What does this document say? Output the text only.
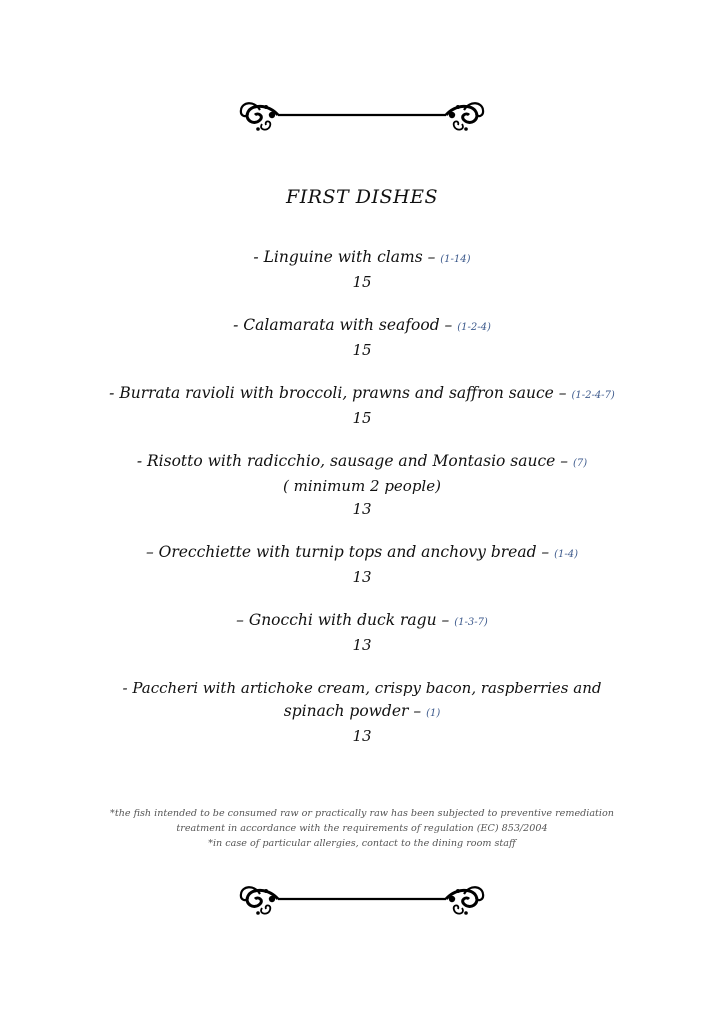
FIRST DISHES
- Linguine with clams – (1-14)
15
- Calamarata with seafood – (1-2-4)
15
- Burrata ravioli with broccoli, prawns and saffron sauce – (1-2-4-7)
15
- Risotto with radicchio, sausage and Montasio sauce – (7)
( minimum 2 people)
13
– Orecchiette with turnip tops and anchovy bread – (1-4)
13
– Gnocchi with duck ragu – (1-3-7)
13
- Paccheri with artichoke cream, crispy bacon, raspberries and
spinach powder – (1)
13
*the fish intended to be consumed raw or practically raw has been subjected to preventive remediation
treatment in accordance with the requirements of regulation (EC) 853/2004
*in case of particular allergies, contact to the dining room staff
